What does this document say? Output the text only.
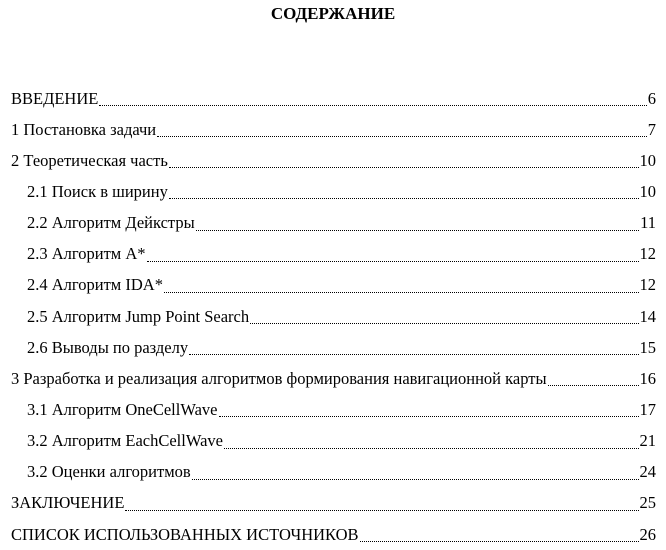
СОДЕРЖАНИЕ
ВВЕДЕНИЕ	6
1 Постановка задачи	7
2 Теоретическая часть	10
2.1 Поиск в ширину	10
2.2 Алгоритм Дейкстры	11
2.3 Алгоритм A*	12
2.4 Алгоритм IDA*	12
2.5 Алгоритм Jump Point Search	14
2.6 Выводы по разделу	15
3 Разработка и реализация алгоритмов формирования навигационной карты	16
3.1 Алгоритм OneCellWave	17
3.2 Алгоритм EachCellWave	21
3.2 Оценки алгоритмов	24
ЗАКЛЮЧЕНИЕ	25
СПИСОК ИСПОЛЬЗОВАННЫХ ИСТОЧНИКОВ	26
